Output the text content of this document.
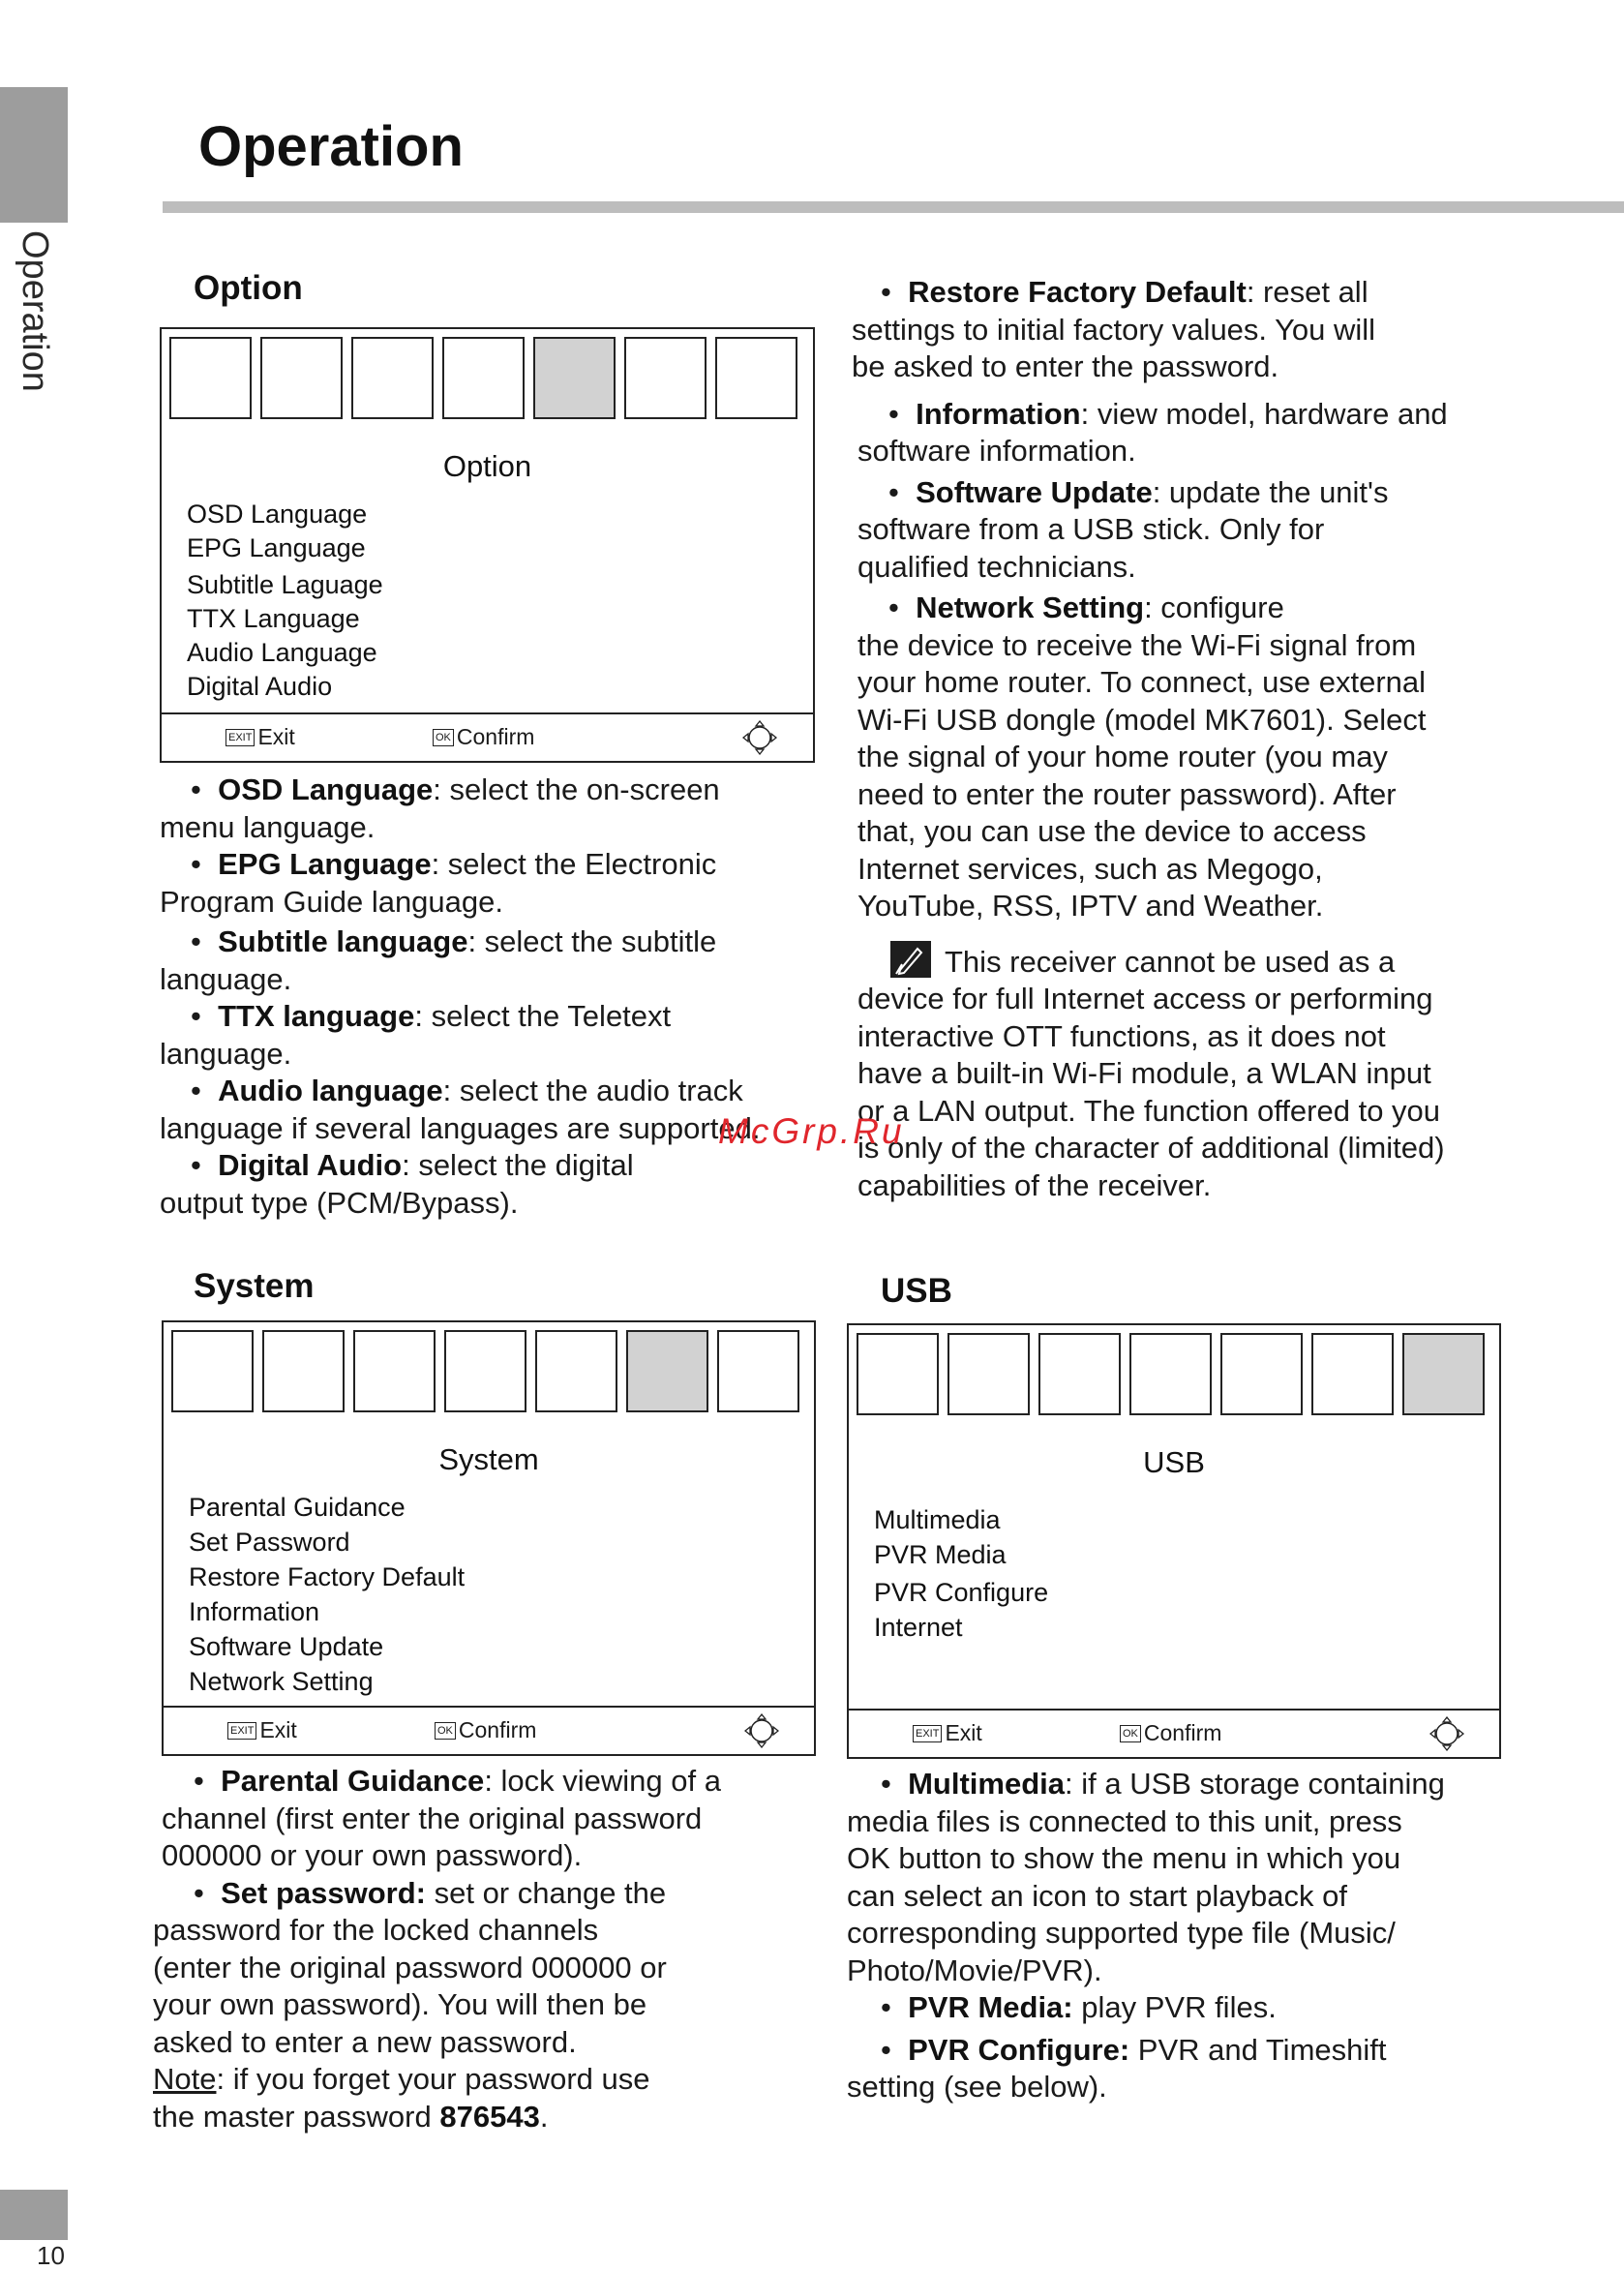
Operation
10
Operation
Option
Option
OSD Language
EPG Language
Subtitle Laguage
TTX Language
Audio Language
Digital Audio
EXIT Exit	OK Confirm

• OSD Language: select the on-screen

menu language.

• EPG Language: select the Electronic

Program Guide language.

• Subtitle language: select the subtitle

language.

• TTX language: select the Teletext

language.

• Audio language: select the audio track

language if several languages are supported.

• Digital Audio: select the digital

output type (PCM/Bypass).

• Restore Factory Default: reset all

settings to initial factory values. You will

be asked to enter the password.

• Information: view model, hardware and

software information.

• Software Update: update the unit's

software from a USB stick. Only for

qualified technicians.

• Network Setting: configure

the device to receive the Wi-Fi signal from

your home router. To connect, use external

Wi-Fi USB dongle (model MK7601). Select

the signal of your home router (you may

need to enter the router password). After

that, you can use the device to access

Internet services, such as Megogo,

YouTube, RSS, IPTV and Weather.

This receiver cannot be used as a

device for full Internet access or performing

interactive OTT functions, as it does not

have a built-in Wi-Fi module, a WLAN input

or a LAN output. The function offered to you

is only of the character of additional (limited)

capabilities of the receiver.

McGrp.Ru
System
System
Parental Guidance
Set Password
Restore Factory Default
Information
Software Update
Network Setting
EXIT Exit	OK Confirm

• Parental Guidance: lock viewing of a

channel (first enter the original password

000000 or your own password).

• Set password: set or change the

password for the locked channels

(enter the original password 000000 or

your own password). You will then be

asked to enter a new password.

Note: if you forget your password use

the master password 876543.

USB
USB
Multimedia
PVR Media
PVR Configure
Internet
EXIT Exit	OK Confirm

• Multimedia: if a USB storage containing

media files is connected to this unit, press

OK button to show the menu in which you

can select an icon to start playback of

corresponding supported type file (Music/

Photo/Movie/PVR).

• PVR Media: play PVR files.

• PVR Configure: PVR and Timeshift

setting (see below).
